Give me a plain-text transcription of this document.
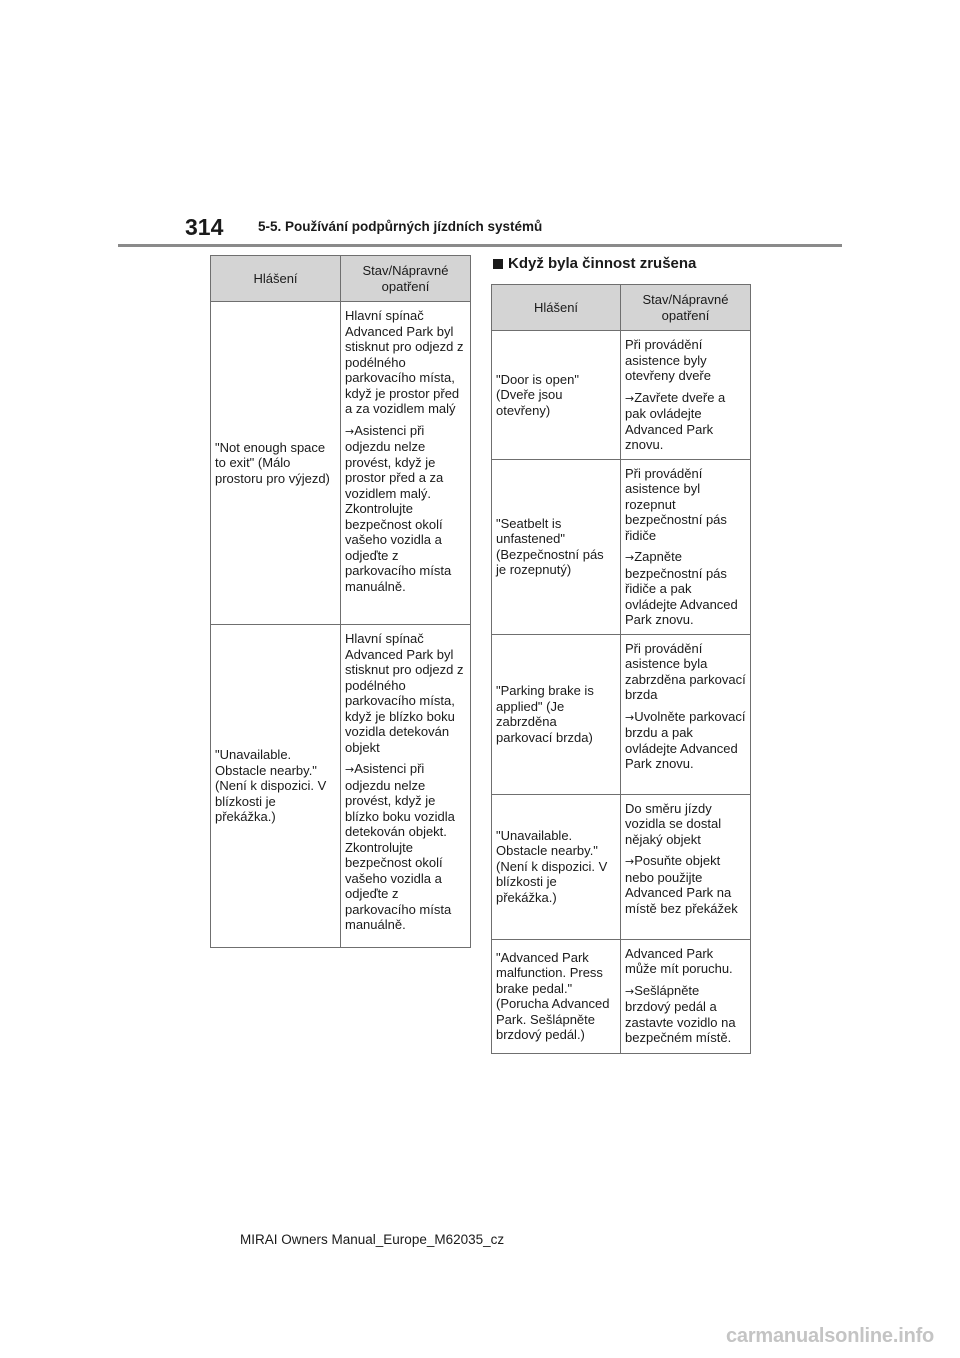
314	5-5. Používání podpůrných jízdních systémů
Hlášení	Stav/Nápravné opatření
"Not enough space to exit" (Málo prostoru pro výjezd)	Hlavní spínač Advanced Park byl stisknut pro odjezd z podélného parkovacího místa, když je prostor před a za vozidlem malý

→Asistenci při odjezdu nelze provést, když je prostor před a za vozidlem malý. Zkontrolujte bezpečnost okolí vašeho vozidla a odjeďte z parkovacího místa manuálně.

"Unavailable. Obstacle nearby." (Není k dispozici. V blízkosti je překážka.)	Hlavní spínač Advanced Park byl stisknut pro odjezd z podélného parkovacího místa, když je blízko boku vozidla detekován objekt

→Asistenci při odjezdu nelze provést, když je blízko boku vozidla detekován objekt. Zkontrolujte bezpečnost okolí vašeho vozidla a odjeďte z parkovacího místa manuálně.

Když byla činnost zrušena
Hlášení	Stav/Nápravné opatření
"Door is open" (Dveře jsou otevřeny)	Při provádění asistence byly otevřeny dveře

→Zavřete dveře a pak ovládejte Advanced Park znovu.

"Seatbelt is unfastened" (Bezpečnostní pás je rozepnutý)	Při provádění asistence byl rozepnut bezpečnostní pás řidiče

→Zapněte bezpečnostní pás řidiče a pak ovládejte Advanced Park znovu.

"Parking brake is applied" (Je zabrzděna parkovací brzda)	Při provádění asistence byla zabrzděna parkovací brzda

→Uvolněte parkovací brzdu a pak ovládejte Advanced Park znovu.

"Unavailable. Obstacle nearby." (Není k dispozici. V blízkosti je překážka.)	Do směru jízdy vozidla se dostal nějaký objekt

→Posuňte objekt nebo použijte Advanced Park na místě bez překážek

"Advanced Park malfunction. Press brake pedal." (Porucha Advanced Park. Sešlápněte brzdový pedál.)	Advanced Park může mít poruchu.

→Sešlápněte brzdový pedál a zastavte vozidlo na bezpečném místě.

MIRAI Owners Manual_Europe_M62035_cz
carmanualsonline.info
